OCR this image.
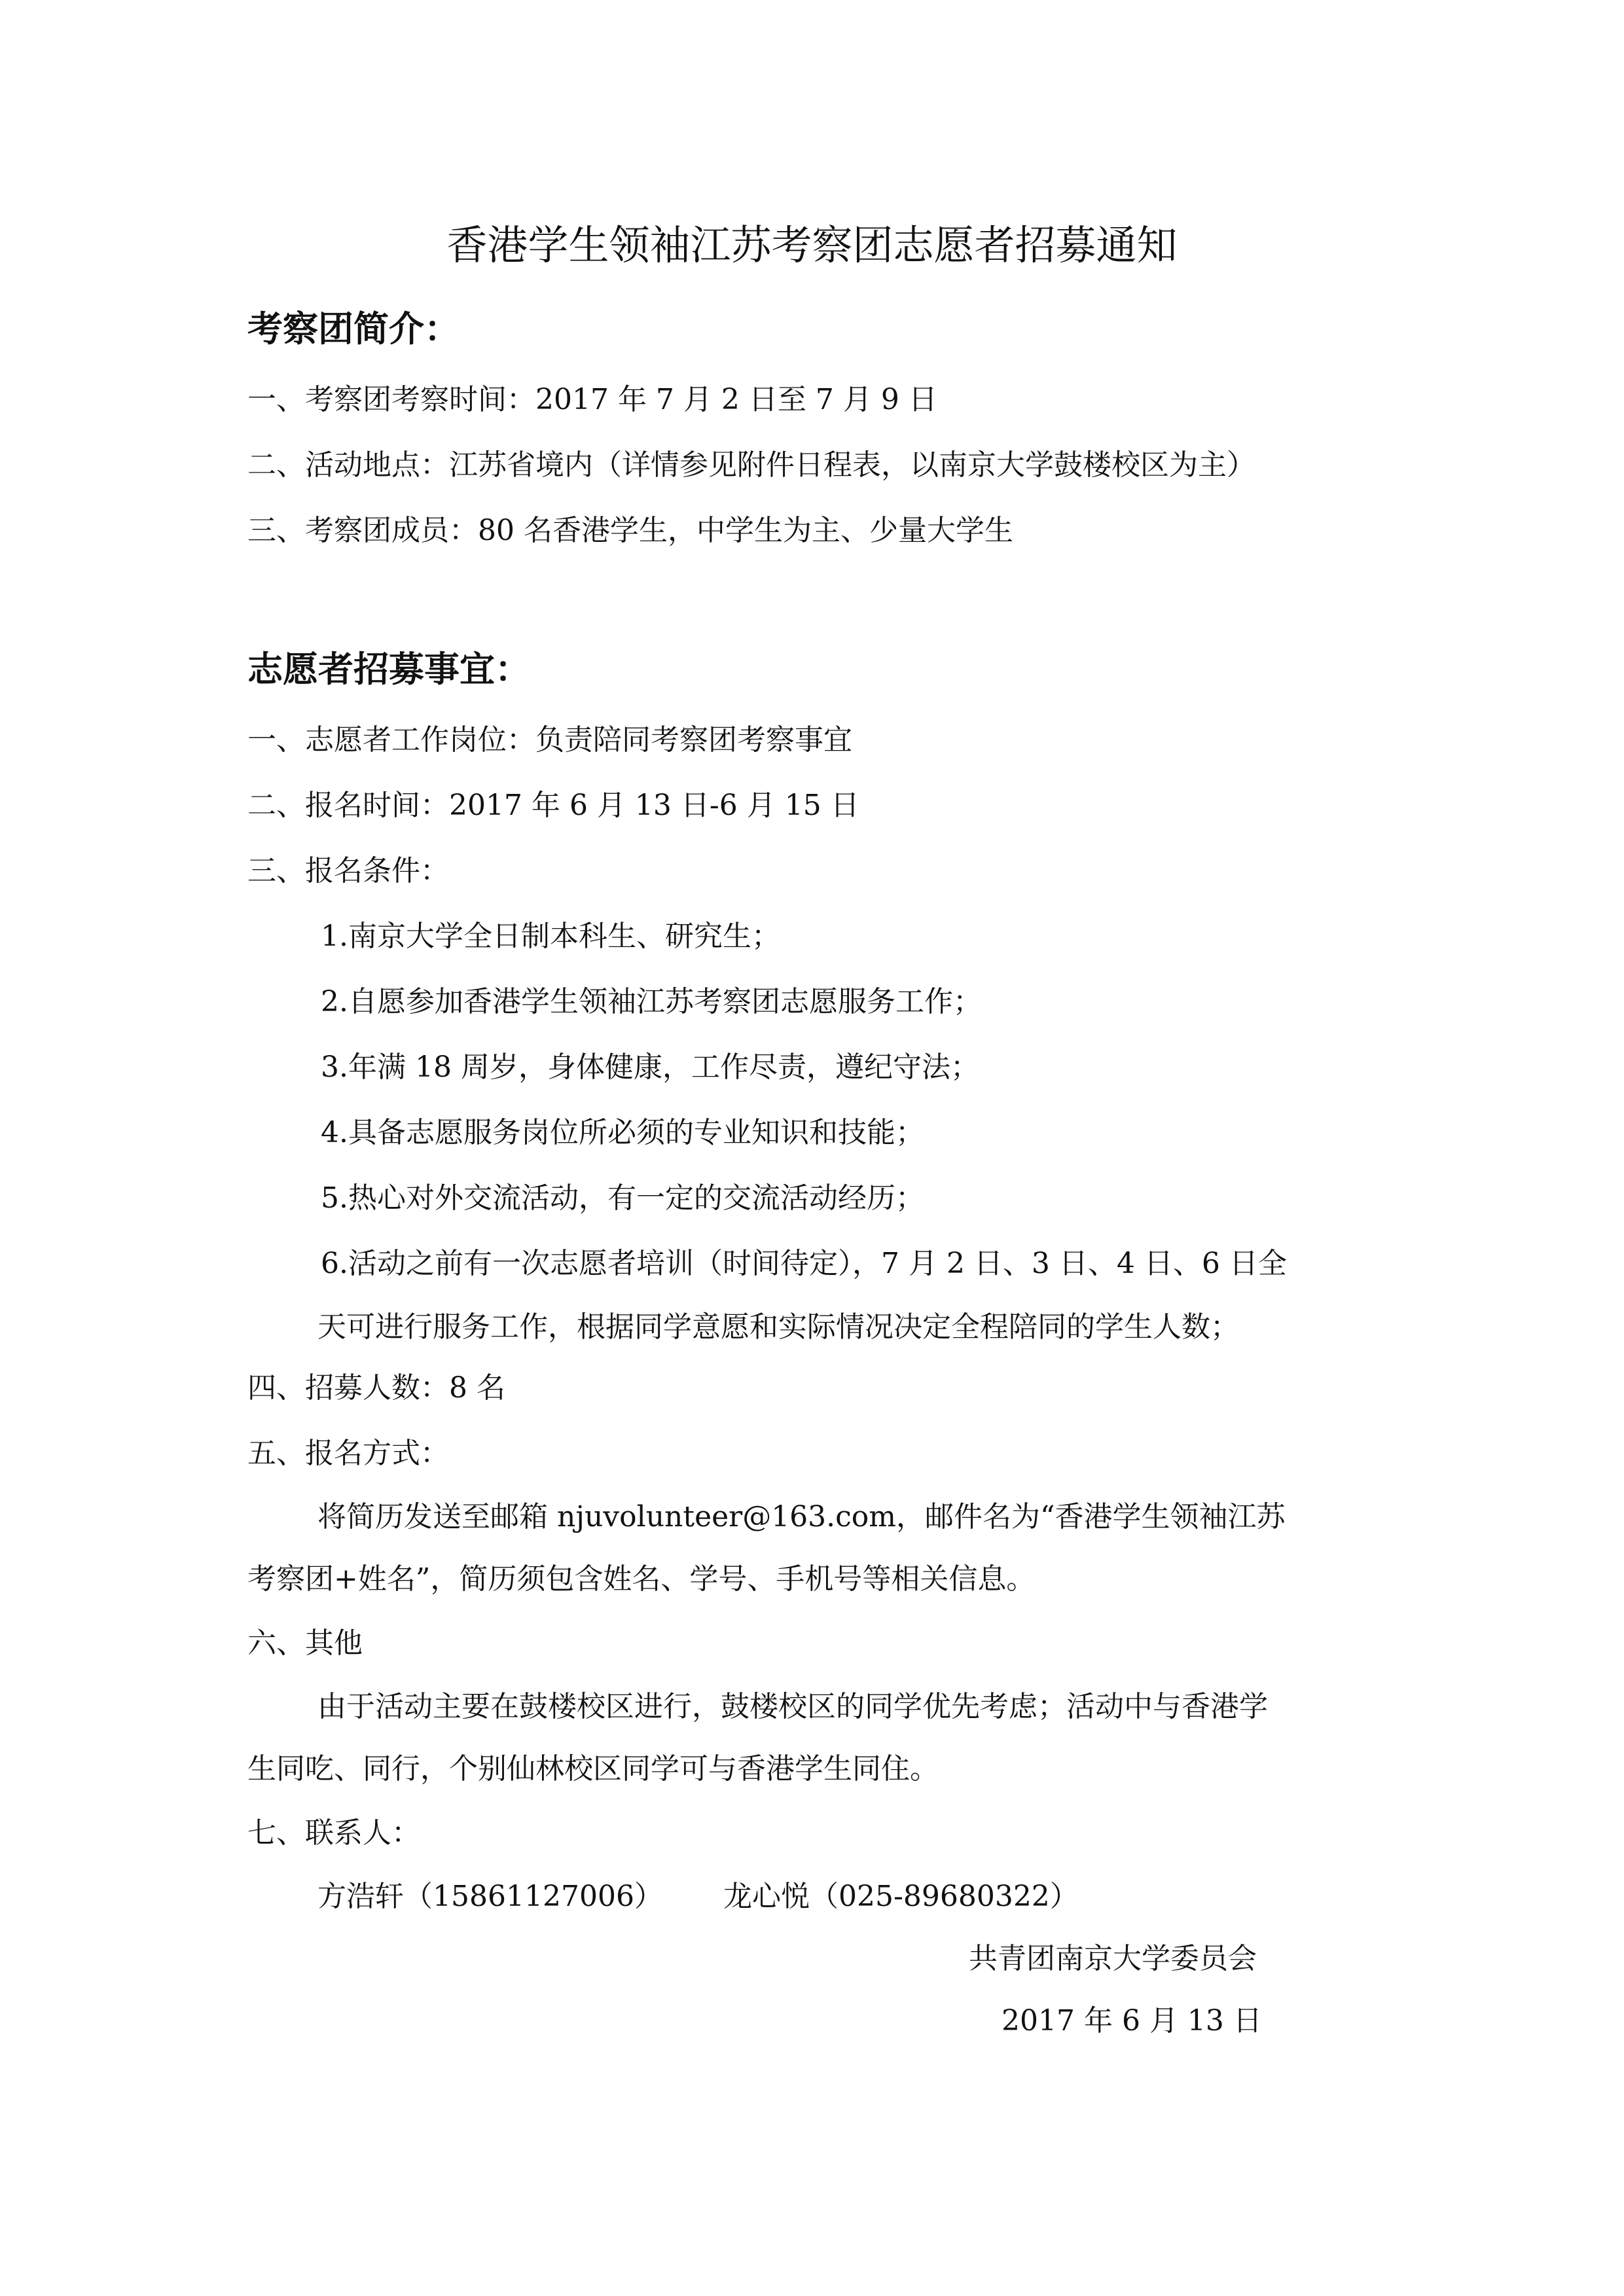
香港学生领袖江苏考察团志愿者招募通知
考察团简介：
一、考察团考察时间：2017 年 7 月 2 日至 7 月 9 日
二、活动地点：江苏省境内（详情参见附件日程表，以南京大学鼓楼校区为主）
三、考察团成员：80 名香港学生，中学生为主、少量大学生
志愿者招募事宜：
一、志愿者工作岗位：负责陪同考察团考察事宜
二、报名时间：2017 年 6 月 13 日-6 月 15 日
三、报名条件：
1.南京大学全日制本科生、研究生；
2.自愿参加香港学生领袖江苏考察团志愿服务工作；
3.年满 18 周岁，身体健康，工作尽责，遵纪守法；
4.具备志愿服务岗位所必须的专业知识和技能；
5.热心对外交流活动，有一定的交流活动经历；
6.活动之前有一次志愿者培训（时间待定），7 月 2 日、3 日、4 日、6 日全
天可进行服务工作，根据同学意愿和实际情况决定全程陪同的学生人数；
四、招募人数：8 名
五、报名方式：
将简历发送至邮箱 njuvolunteer@163.com，邮件名为“香港学生领袖江苏
考察团+姓名”，简历须包含姓名、学号、手机号等相关信息。
六、其他
由于活动主要在鼓楼校区进行，鼓楼校区的同学优先考虑；活动中与香港学
生同吃、同行，个别仙林校区同学可与香港学生同住。
七、联系人：
方浩轩（15861127006） 龙心悦（025-89680322）
共青团南京大学委员会
2017 年 6 月 13 日
